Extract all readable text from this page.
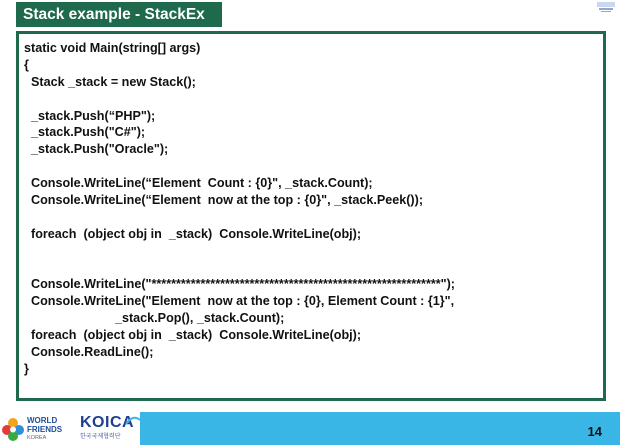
Stack example - StackEx
static void Main(string[] args)
{
Stack _stack = new Stack();
_stack.Push(“PHP");
_stack.Push("C#");
_stack.Push("Oracle");
Console.WriteLine(“Element  Count : {0}", _stack.Count);
Console.WriteLine(“Element  now at the top : {0}", _stack.Peek());
foreach  (object obj in  _stack)  Console.WriteLine(obj);
Console.WriteLine("***********************************************************");
Console.WriteLine("Element  now at the top : {0}, Element Count : {1}",
_stack.Pop(), _stack.Count);
foreach  (object obj in  _stack)  Console.WriteLine(obj);
Console.ReadLine();
}
WORLD
FRIENDS
KOREA
KOICA
한국국제협력단	14
